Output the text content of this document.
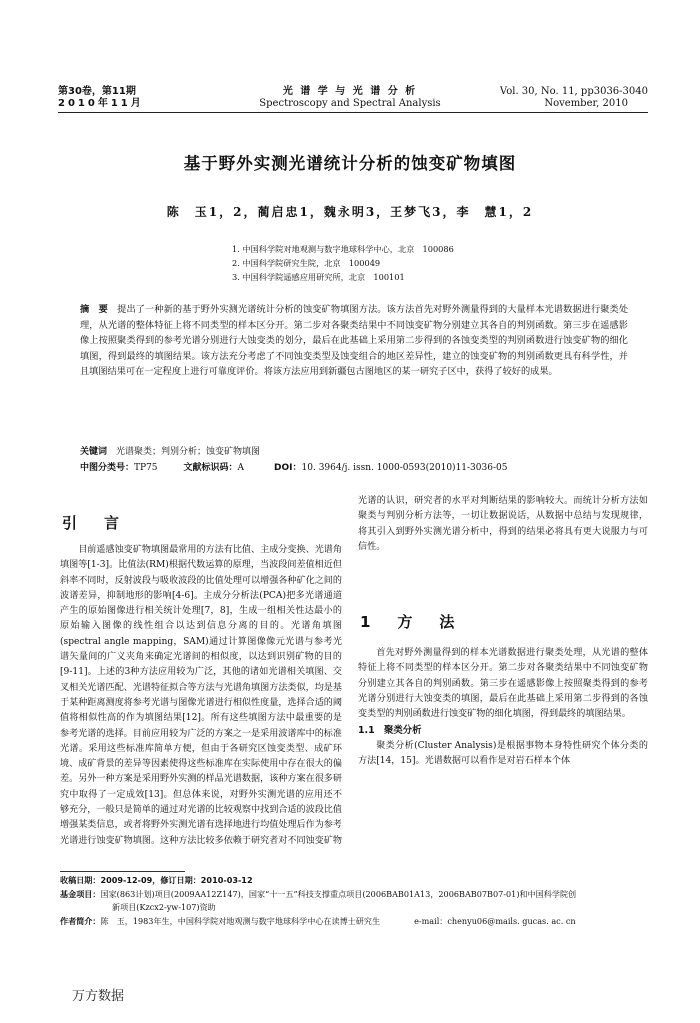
第30卷，第11期
2010年11月
光 谱 学 与 光 谱 分 析
Spectroscopy and Spectral Analysis
Vol. 30, No. 11, pp3036-3040
November, 2010
基于野外实测光谱统计分析的蚀变矿物填图
陈　玉1，2，蔺启忠1，魏永明3，王梦飞3，李　慧1，2
1. 中国科学院对地观测与数字地球科学中心，北京　100086
2. 中国科学院研究生院，北京　100049
3. 中国科学院遥感应用研究所，北京　100101
摘　要　 提出了一种新的基于野外实测光谱统计分析的蚀变矿物填图方法。该方法首先对野外测量得到的大量样本光谱数据进行聚类处理，从光谱的整体特征上将不同类型的样本区分开。第二步对各聚类结果中不同蚀变矿物分别建立其各自的判别函数。第三步在遥感影像上按照聚类得到的参考光谱分别进行大蚀变类的划分，最后在此基础上采用第二步得到的各蚀变类型的判别函数进行蚀变矿物的细化填图，得到最终的填图结果。该方法充分考虑了不同蚀变类型及蚀变组合的地区差异性，建立的蚀变矿物的判别函数更具有科学性，并且填图结果可在一定程度上进行可靠度评价。将该方法应用到新疆包古图地区的某一研究子区中，获得了较好的成果。
关键词　 光谱聚类；判别分析；蚀变矿物填图
中图分类号：TP75	文献标识码：A	DOI：10. 3964/j. issn. 1000-0593(2010)11-3036-05
引　言

目前遥感蚀变矿物填图最常用的方法有比值、主成分变换、光谱角填图等[1-3]。比值法(RM)根据代数运算的原理，当波段间差值相近但斜率不同时，反射波段与吸收波段的比值处理可以增强各种矿化之间的波谱差异，抑制地形的影响[4-6]。主成分分析法(PCA)把多光谱通道产生的原始图像进行相关统计处理[7，8]，生成一组相关性达最小的原始输入图像的线性组合以达到信息分离的目的。光谱角填图(spectral angle mapping，SAM)通过计算图像像元光谱与参考光谱矢量间的广义夹角来确定光谱间的相似度，以达到识别矿物的目的[9-11]。上述的3种方法应用较为广泛，其他的诸如光谱相关填图、交叉相关光谱匹配、光谱特征拟合等方法与光谱角填图方法类似，均是基于某种距离测度将参考光谱与图像光谱进行相似性度量，选择合适的阈值将相似性高的作为填图结果[12]。所有这些填图方法中最重要的是参考光谱的选择。目前应用较为广泛的方案之一是采用波谱库中的标准光谱。采用这些标准库简单方便，但由于各研究区蚀变类型、成矿环境、成矿背景的差异等因素使得这些标准库在实际使用中存在很大的偏差。另外一种方案是采用野外实测的样品光谱数据，该种方案在很多研究中取得了一定成效[13]。但总体来说，对野外实测光谱的应用还不够充分，一般只是简单的通过对光谱的比较观察中找到合适的波段比值增强某类信息，或者将野外实测光谱有选择地进行均值处理后作为参考光谱进行蚀变矿物填图。这种方法比较多依赖于研究者对不同蚀变矿物

光谱的认识，研究者的水平对判断结果的影响较大。而统计分析方法如聚类与判别分析方法等，一切让数据说话，从数据中总结与发现规律，将其引入到野外实测光谱分析中，得到的结果必将具有更大说服力与可信性。
1　方　法

首先对野外测量得到的样本光谱数据进行聚类处理，从光谱的整体特征上将不同类型的样本区分开。第二步对各聚类结果中不同蚀变矿物分别建立其各自的判别函数。第三步在遥感影像上按照聚类得到的参考光谱分别进行大蚀变类的填图，最后在此基础上采用第二步得到的各蚀变类型的判别函数进行蚀变矿物的细化填图，得到最终的填图结果。

1.1　聚类分析

聚类分析(Cluster Analysis)是根据事物本身特性研究个体分类的方法[14，15]。光谱数据可以看作是对岩石样本个体

收稿日期：2009-12-09，修订日期：2010-03-12
基金项目：国家(863计划)项目(2009AA12Z147)，国家“十一五”科技支撑重点项目(2006BAB01A13，2006BAB07B07-01)和中国科学院创
新项目(Kzcx2-yw-107)资助
作者简介：陈　玉，1983年生，中国科学院对地观测与数字地球科学中心在读博士研究生	e-mail：chenyu06@mails. gucas. ac. cn
万方数据
